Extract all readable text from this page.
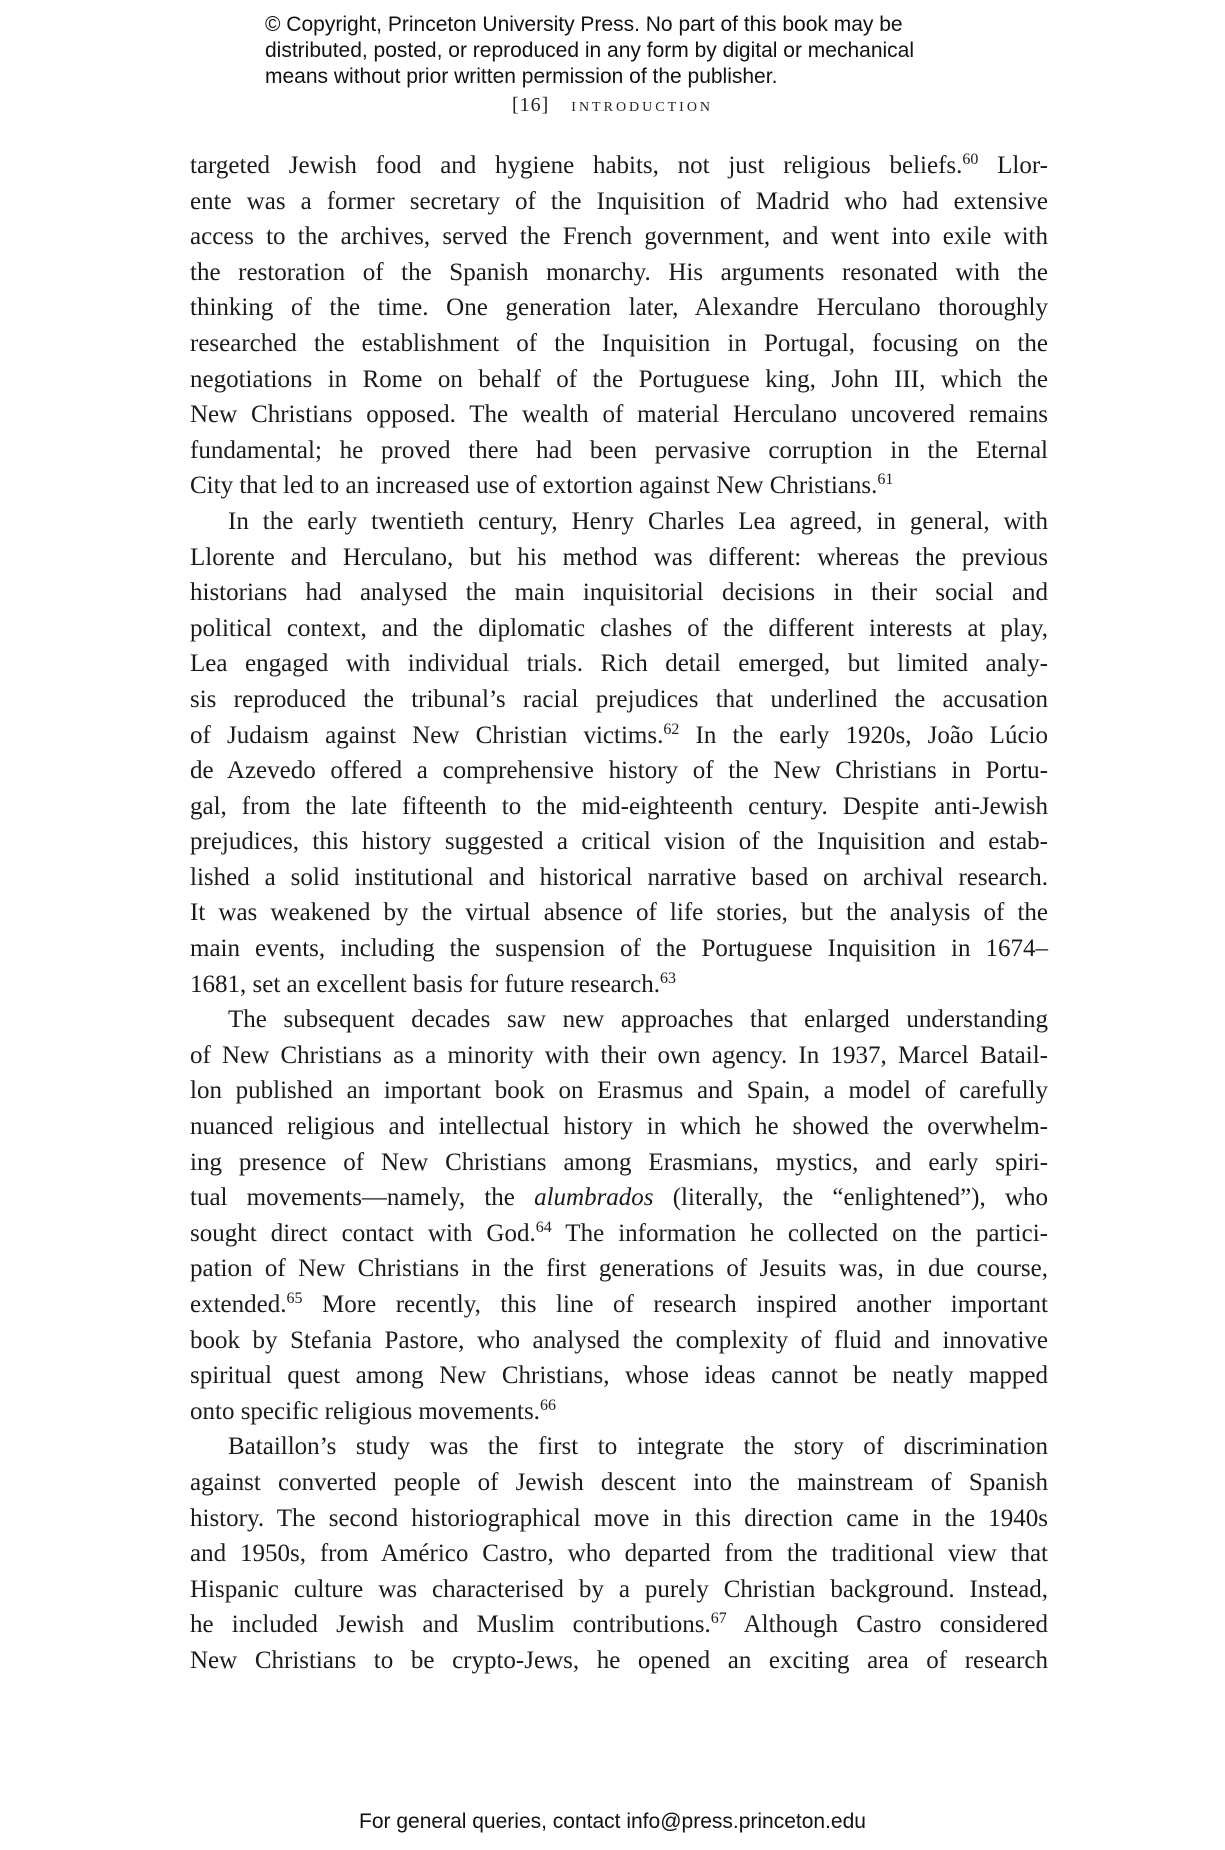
© Copyright, Princeton University Press. No part of this book may be
distributed, posted, or reproduced in any form by digital or mechanical
means without prior written permission of the publisher.
[16] introduction
targeted Jewish food and hygiene habits, not just religious beliefs.$^{60}$ Llor-
ente was a former secretary of the Inquisition of Madrid who had extensive
access to the archives, served the French government, and went into exile with
the restoration of the Spanish monarchy. His arguments resonated with the
thinking of the time. One generation later, Alexandre Herculano thoroughly
researched the establishment of the Inquisition in Portugal, focusing on the
negotiations in Rome on behalf of the Portuguese king, John III, which the
New Christians opposed. The wealth of material Herculano uncovered remains
fundamental; he proved there had been pervasive corruption in the Eternal
City that led to an increased use of extortion against New Christians.$^{61}$
In the early twentieth century, Henry Charles Lea agreed, in general, with
Llorente and Herculano, but his method was different: whereas the previous
historians had analysed the main inquisitorial decisions in their social and
political context, and the diplomatic clashes of the different interests at play,
Lea engaged with individual trials. Rich detail emerged, but limited analy-
sis reproduced the tribunal’s racial prejudices that underlined the accusation
of Judaism against New Christian victims.$^{62}$ In the early 1920s, João Lúcio
de Azevedo offered a comprehensive history of the New Christians in Portu-
gal, from the late fifteenth to the mid-eighteenth century. Despite anti-Jewish
prejudices, this history suggested a critical vision of the Inquisition and estab-
lished a solid institutional and historical narrative based on archival research.
It was weakened by the virtual absence of life stories, but the analysis of the
main events, including the suspension of the Portuguese Inquisition in 1674–
1681, set an excellent basis for future research.$^{63}$
The subsequent decades saw new approaches that enlarged understanding
of New Christians as a minority with their own agency. In 1937, Marcel Batail-
lon published an important book on Erasmus and Spain, a model of carefully
nuanced religious and intellectual history in which he showed the overwhelm-
ing presence of New Christians among Erasmians, mystics, and early spiri-
tual movements—namely, the alumbrados (literally, the “enlightened”), who
sought direct contact with God.$^{64}$ The information he collected on the partici-
pation of New Christians in the first generations of Jesuits was, in due course,
extended.$^{65}$ More recently, this line of research inspired another important
book by Stefania Pastore, who analysed the complexity of fluid and innovative
spiritual quest among New Christians, whose ideas cannot be neatly mapped
onto specific religious movements.$^{66}$
Bataillon’s study was the first to integrate the story of discrimination
against converted people of Jewish descent into the mainstream of Spanish
history. The second historiographical move in this direction came in the 1940s
and 1950s, from Américo Castro, who departed from the traditional view that
Hispanic culture was characterised by a purely Christian background. Instead,
he included Jewish and Muslim contributions.$^{67}$ Although Castro considered
New Christians to be crypto-Jews, he opened an exciting area of research
For general queries, contact info@press.princeton.edu
